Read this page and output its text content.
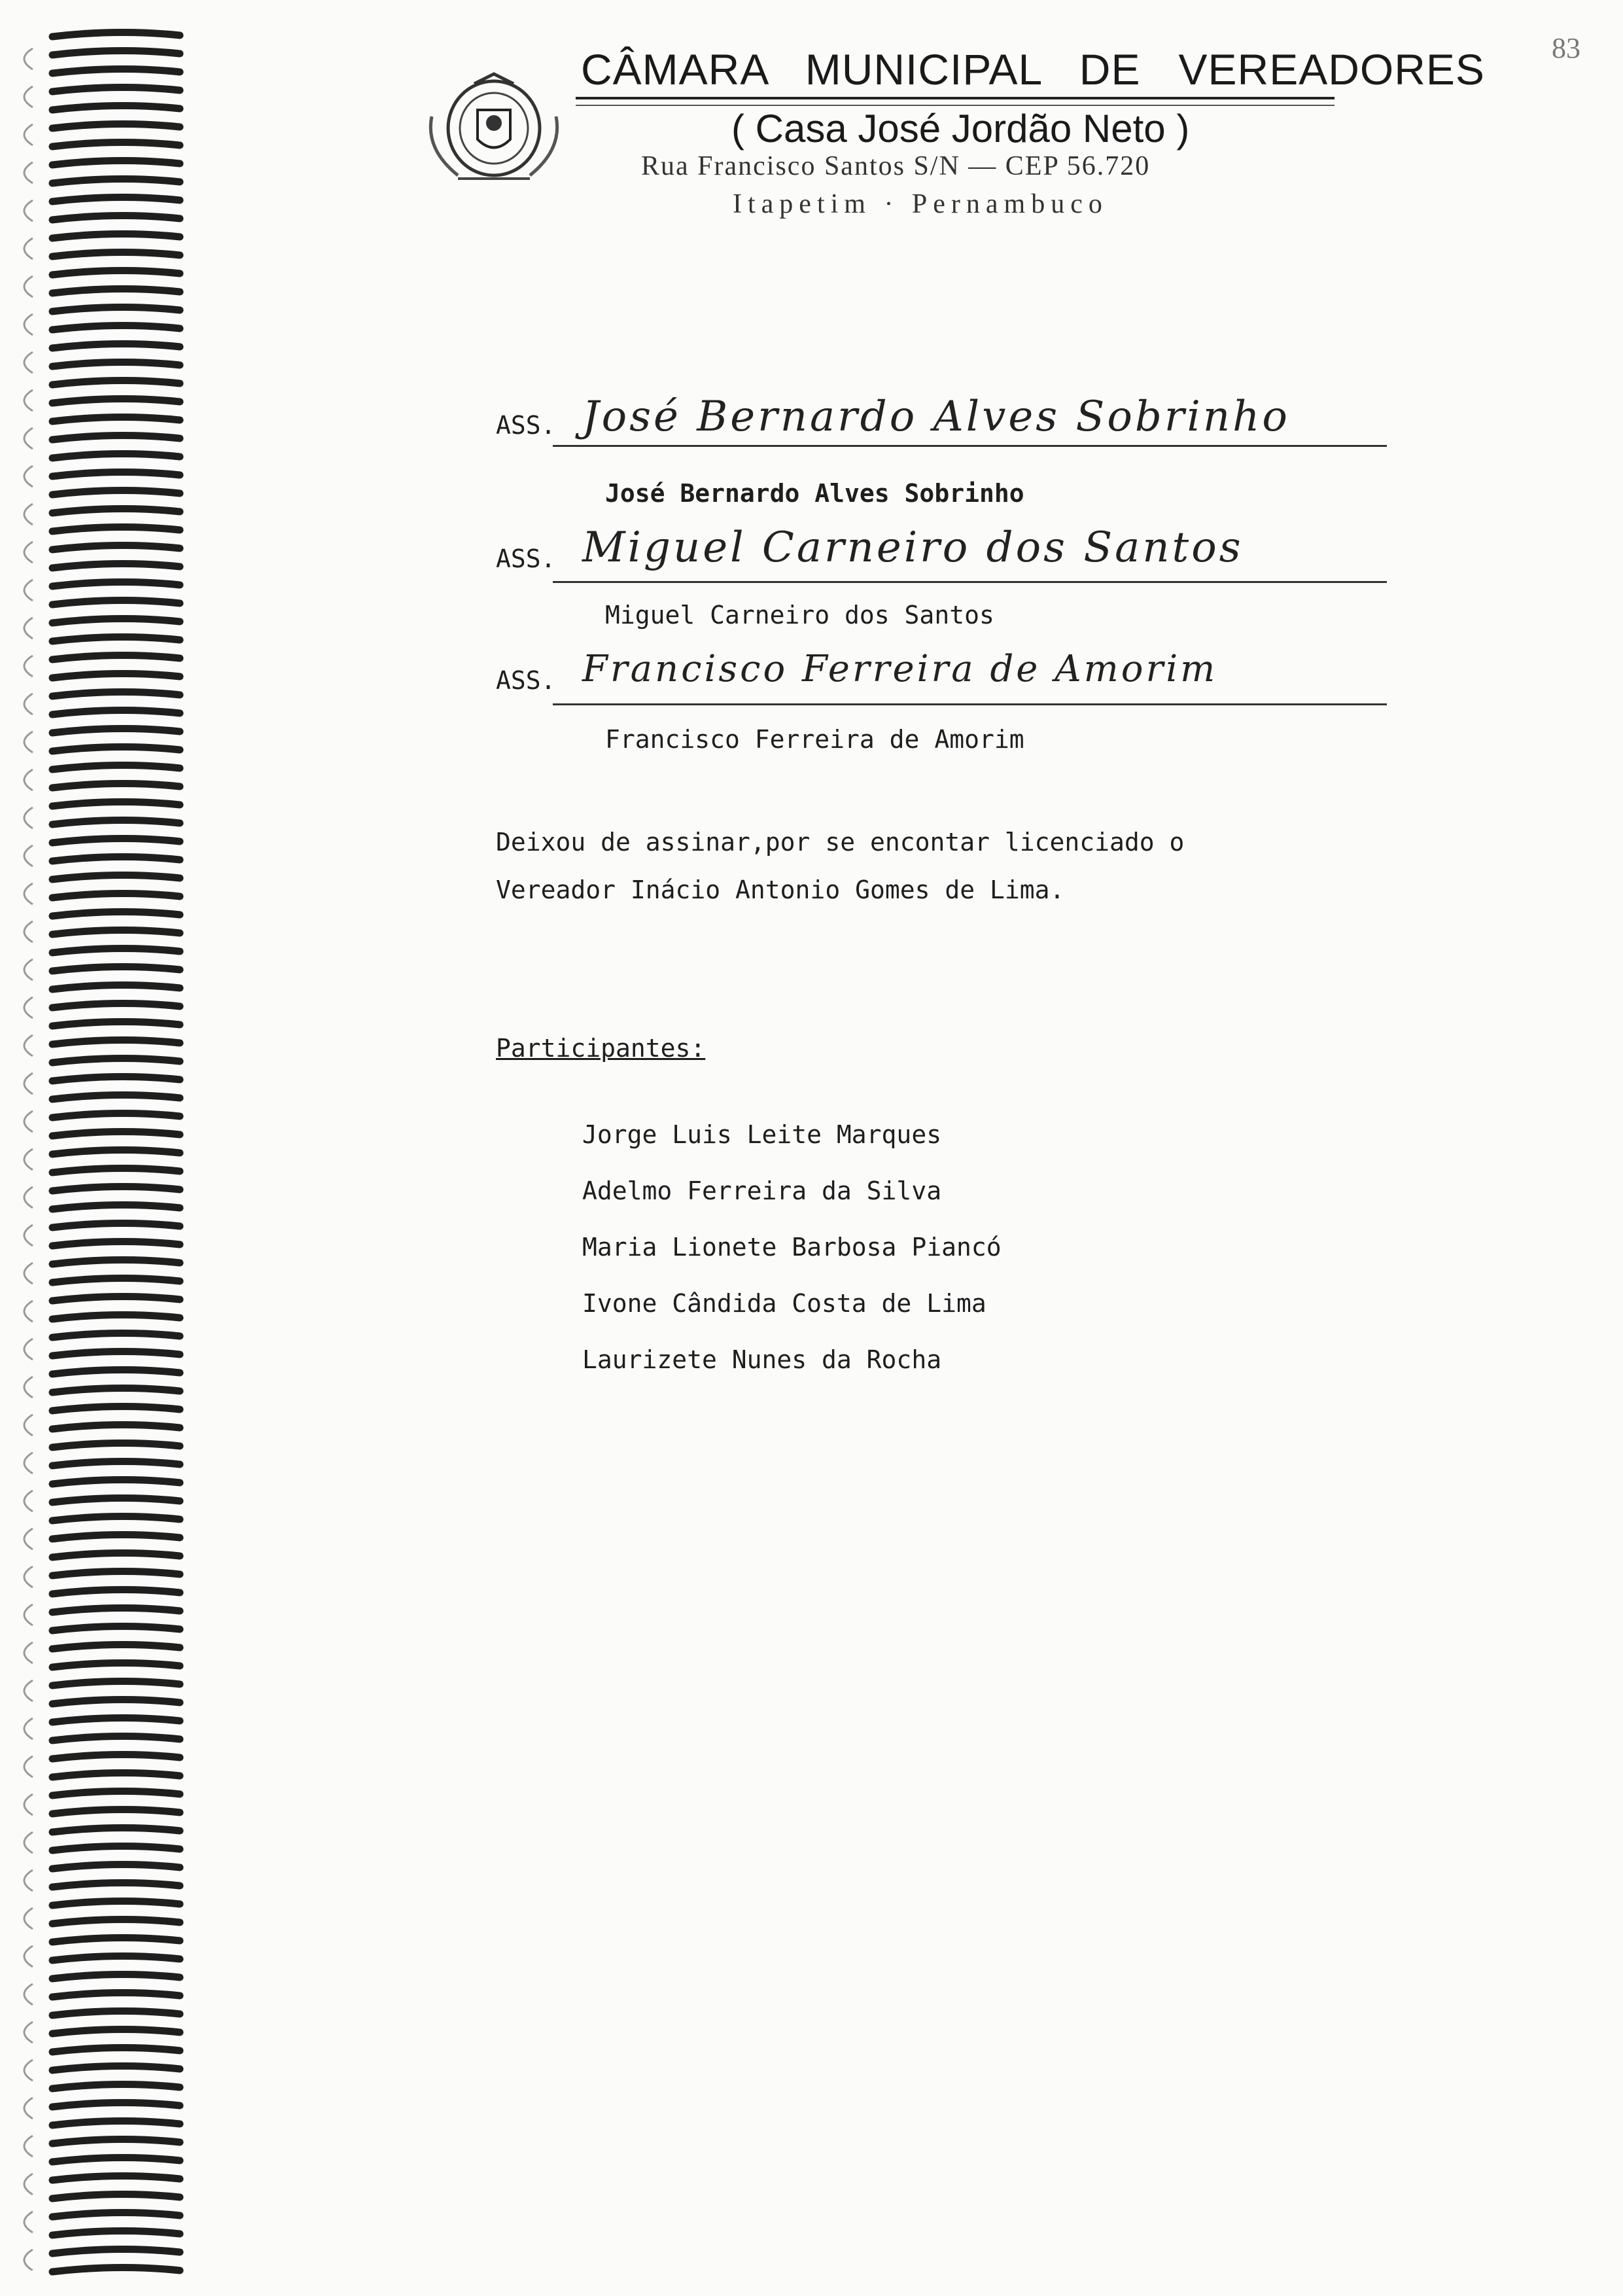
83
CÂMARA   MUNICIPAL   DE   VEREADORES
( Casa José Jordão Neto )
Rua Francisco Santos S/N — CEP 56.720
Itapetim · Pernambuco
ASS. José Bernardo Alves Sobrinho
José Bernardo Alves Sobrinho
ASS. Miguel Carneiro dos Santos
Miguel Carneiro dos Santos
ASS. Francisco Ferreira de Amorim
Francisco Ferreira de Amorim
Deixou de assinar,por se encontar licenciado o
Vereador Inácio Antonio Gomes de Lima.
Participantes:
Jorge Luis Leite Marques
Adelmo Ferreira da Silva
Maria Lionete Barbosa Piancó
Ivone Cândida Costa de Lima
Laurizete Nunes da Rocha
